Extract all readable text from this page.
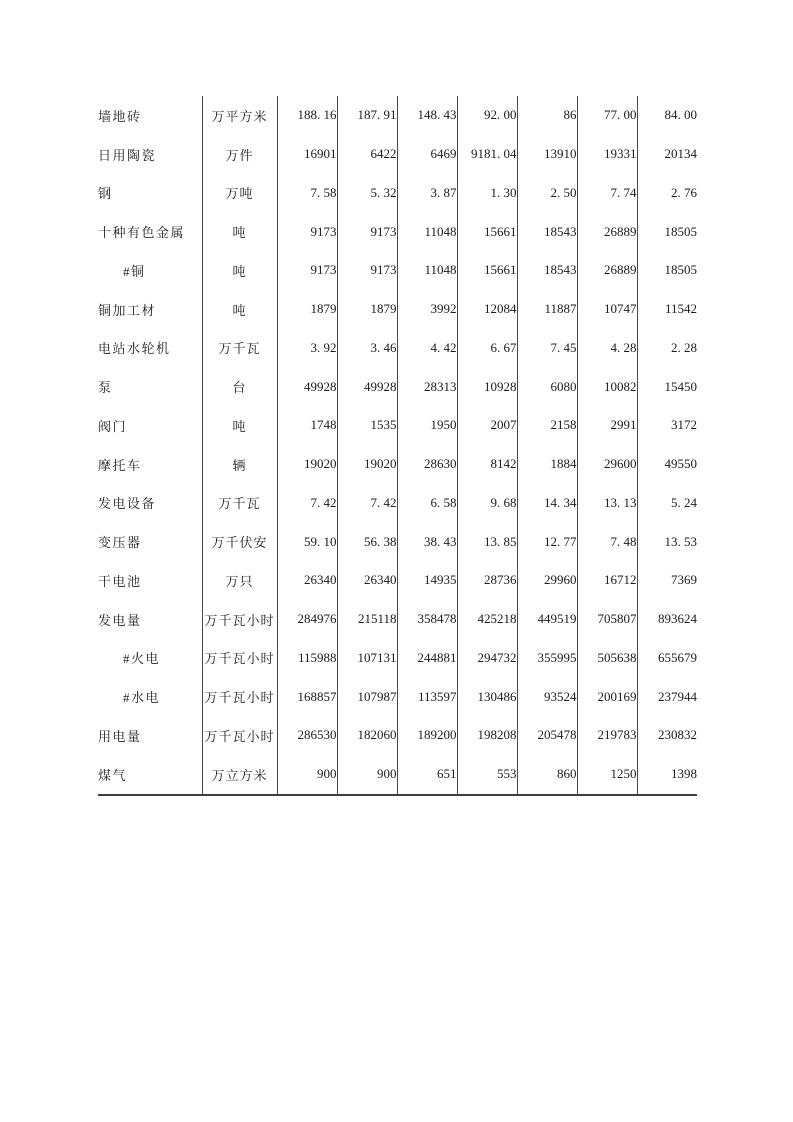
墙地砖	万平方米	188. 16	187. 91	148. 43	92. 00	86	77. 00	84. 00
日用陶瓷	万件	16901	6422	6469	9181. 04	13910	19331	20134
钢	万吨	7. 58	5. 32	3. 87	1. 30	2. 50	7. 74	2. 76
十种有色金属	吨	9173	9173	11048	15661	18543	26889	18505
#铜	吨	9173	9173	11048	15661	18543	26889	18505
铜加工材	吨	1879	1879	3992	12084	11887	10747	11542
电站水轮机	万千瓦	3. 92	3. 46	4. 42	6. 67	7. 45	4. 28	2. 28
泵	台	49928	49928	28313	10928	6080	10082	15450
阀门	吨	1748	1535	1950	2007	2158	2991	3172
摩托车	辆	19020	19020	28630	8142	1884	29600	49550
发电设备	万千瓦	7. 42	7. 42	6. 58	9. 68	14. 34	13. 13	5. 24
变压器	万千伏安	59. 10	56. 38	38. 43	13. 85	12. 77	7. 48	13. 53
干电池	万只	26340	26340	14935	28736	29960	16712	7369
发电量	万千瓦小时	284976	215118	358478	425218	449519	705807	893624
#火电	万千瓦小时	115988	107131	244881	294732	355995	505638	655679
#水电	万千瓦小时	168857	107987	113597	130486	93524	200169	237944
用电量	万千瓦小时	286530	182060	189200	198208	205478	219783	230832
煤气	万立方米	900	900	651	553	860	1250	1398
